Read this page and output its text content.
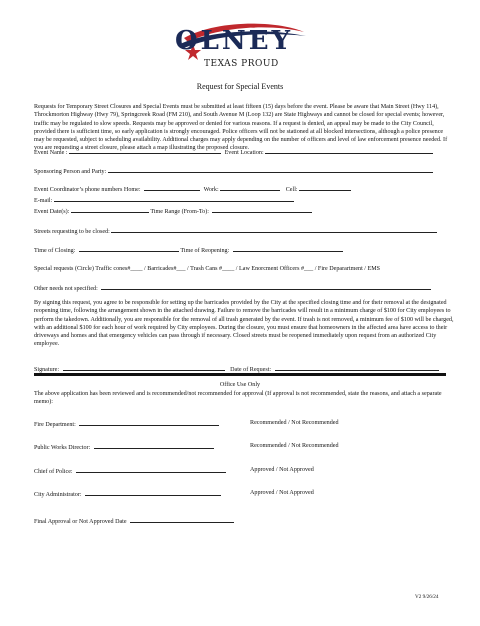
OLNEY
TEXAS PROUD
Request for Special Events
Requests for Temporary Street Closures and Special Events must be submitted at least fifteen (15) days before the event. Please be aware that Main Street (Hwy 114), Throckmorton Highway (Hwy 79), Springcreek Road (FM 210), and South Avenue M (Loop 132) are State Highways and cannot be closed for special events; however, traffic may be regulated to slow speeds. Requests may be approved or denied for various reasons. If a request is denied, an appeal may be made to the City Council, provided there is sufficient time, so early application is strongly encouraged. Police officers will not be stationed at all blocked intersections, although a police presence may be requested, subject to scheduling availability. Additional charges may apply depending on the number of officers and level of law enforcement presence needed. If you are requesting a street closure, please attach a map illustrating the proposed closure.
Event Name :	Event Location:
Sponsoring Person and Party:
Event Coordinator’s phone numbers Home:	Work:	Cell:
E-mail:
Event Date(s):	Time Range (From-To):
Streets requesting to be closed:
Time of Closing:	Time of Reopening:
Special requests (Circle) Traffic cones#____ / Barricades#___ / Trash Cans #____ / Law Enorcment Officers #___ / Fire Deparartment / EMS
Other needs not specified:
By signing this request, you agree to be responsible for setting up the barricades provided by the City at the specified closing time and for their removal at the designated reopening time, following the arrangement shown in the attached drawing. Failure to remove the barricades will result in a minimum charge of $100 for City employees to perform the takedown. Additionally, you are responsible for the removal of all trash generated by the event. If trash is not removed, a minimum fee of $100 will be charged, with an additional $100 for each hour of work required by City employees. During the closure, you must ensure that homeowners in the affected area have access to their driveways and homes and that emergency vehicles can pass through if necessary. Closed streets must be reopened immediately upon request from an authorized City employee.
Signature:	Date of Request:
Office Use Only
The above application has been reviewed and is recommended/not recommended for approval (If approval is not recommended, state the reasons, and attach a separate memo):
Fire Department:	Recommended / Not Recommended
Public Works Director:	Recommended / Not Recommended
Chief of Police:	Approved / Not Approved
City Administrator:	Approved / Not Approved
Final Approval or Not Approved Date
V2 9/26/24
